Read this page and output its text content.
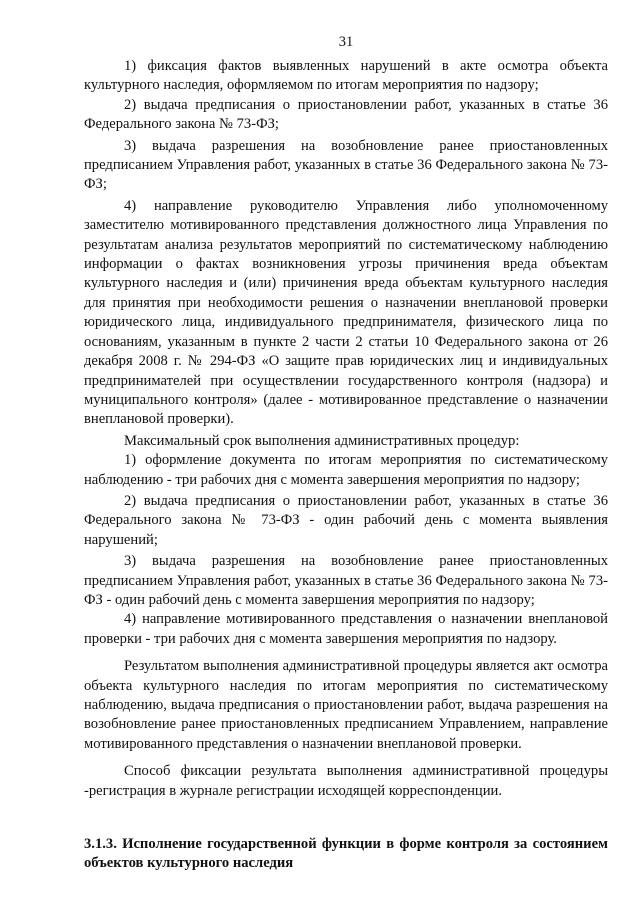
31

1) фиксация фактов выявленных нарушений в акте осмотра объекта культурного наследия, оформляемом по итогам мероприятия по надзору;

2) выдача предписания о приостановлении работ, указанных в статье 36 Федерального закона № 73-ФЗ;

3) выдача разрешения на возобновление ранее приостановленных предписанием Управления работ, указанных в статье 36 Федерального закона № 73-ФЗ;

4) направление руководителю Управления либо уполномоченному заместителю мотивированного представления должностного лица Управления по результатам анализа результатов мероприятий по систематическому наблюдению информации о фактах возникновения угрозы причинения вреда объектам культурного наследия и (или) причинения вреда объектам культурного наследия для принятия при необходимости решения о назначении внеплановой проверки юридического лица, индивидуального предпринимателя, физического лица по основаниям, указанным в пункте 2 части 2 статьи 10 Федерального закона от 26 декабря 2008 г. № 294-ФЗ «О защите прав юридических лиц и индивидуальных предпринимателей при осуществлении государственного контроля (надзора) и муниципального контроля» (далее - мотивированное представление о назначении внеплановой проверки).

Максимальный срок выполнения административных процедур:

1) оформление документа по итогам мероприятия по систематическому наблюдению - три рабочих дня с момента завершения мероприятия по надзору;

2) выдача предписания о приостановлении работ, указанных в статье 36 Федерального закона № 73-ФЗ - один рабочий день с момента выявления нарушений;

3) выдача разрешения на возобновление ранее приостановленных предписанием Управления работ, указанных в статье 36 Федерального закона № 73-ФЗ - один рабочий день с момента завершения мероприятия по надзору;

4) направление мотивированного представления о назначении внеплановой проверки - три рабочих дня с момента завершения мероприятия по надзору.

Результатом выполнения административной процедуры является акт осмотра объекта культурного наследия по итогам мероприятия по систематическому наблюдению, выдача предписания о приостановлении работ, выдача разрешения на возобновление ранее приостановленных предписанием Управлением, направление мотивированного представления о назначении внеплановой проверки.

Способ фиксации результата выполнения административной процедуры -регистрация в журнале регистрации исходящей корреспонденции.

3.1.3. Исполнение государственной функции в форме контроля за состоянием объектов культурного наследия
